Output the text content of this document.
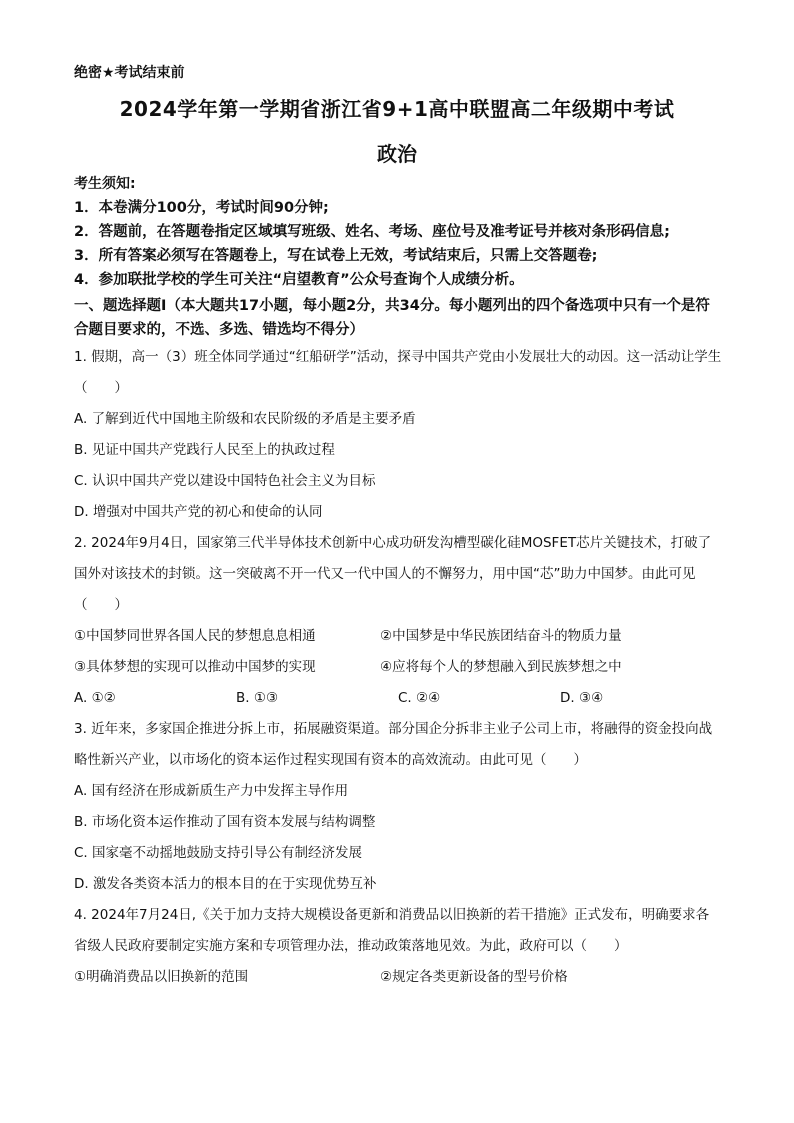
绝密★考试结束前
2024学年第一学期省浙江省9+1高中联盟高二年级期中考试
政治
考生须知:
1．本卷满分100分，考试时间90分钟;
2．答题前，在答题卷指定区域填写班级、姓名、考场、座位号及准考证号并核对条形码信息;
3．所有答案必须写在答题卷上，写在试卷上无效，考试结束后，只需上交答题卷;
4．参加联批学校的学生可关注“启望教育”公众号查询个人成绩分析。
一、题选择题Ⅰ（本大题共17小题，每小题2分，共34分。每小题列出的四个备选项中只有一个是符合题目要求的，不选、多选、错选均不得分）
1. 假期，高一（3）班全体同学通过“红船研学”活动，探寻中国共产党由小发展壮大的动因。这一活动让学生（　　）
A. 了解到近代中国地主阶级和农民阶级的矛盾是主要矛盾
B. 见证中国共产党践行人民至上的执政过程
C. 认识中国共产党以建设中国特色社会主义为目标
D. 增强对中国共产党的初心和使命的认同
2. 2024年9月4日，国家第三代半导体技术创新中心成功研发沟槽型碳化硅MOSFET芯片关键技术，打破了国外对该技术的封锁。这一突破离不开一代又一代中国人的不懈努力，用中国“芯”助力中国梦。由此可见（　　）
①中国梦同世界各国人民的梦想息息相通	②中国梦是中华民族团结奋斗的物质力量
③具体梦想的实现可以推动中国梦的实现	④应将每个人的梦想融入到民族梦想之中
A. ①②	B. ①③	C. ②④	D. ③④
3. 近年来，多家国企推进分拆上市，拓展融资渠道。部分国企分拆非主业子公司上市，将融得的资金投向战略性新兴产业，以市场化的资本运作过程实现国有资本的高效流动。由此可见（　　）
A. 国有经济在形成新质生产力中发挥主导作用
B. 市场化资本运作推动了国有资本发展与结构调整
C. 国家毫不动摇地鼓励支持引导公有制经济发展
D. 激发各类资本活力的根本目的在于实现优势互补
4. 2024年7月24日,《关于加力支持大规模设备更新和消费品以旧换新的若干措施》正式发布，明确要求各省级人民政府要制定实施方案和专项管理办法，推动政策落地见效。为此，政府可以（　　）
①明确消费品以旧换新的范围	②规定各类更新设备的型号价格
